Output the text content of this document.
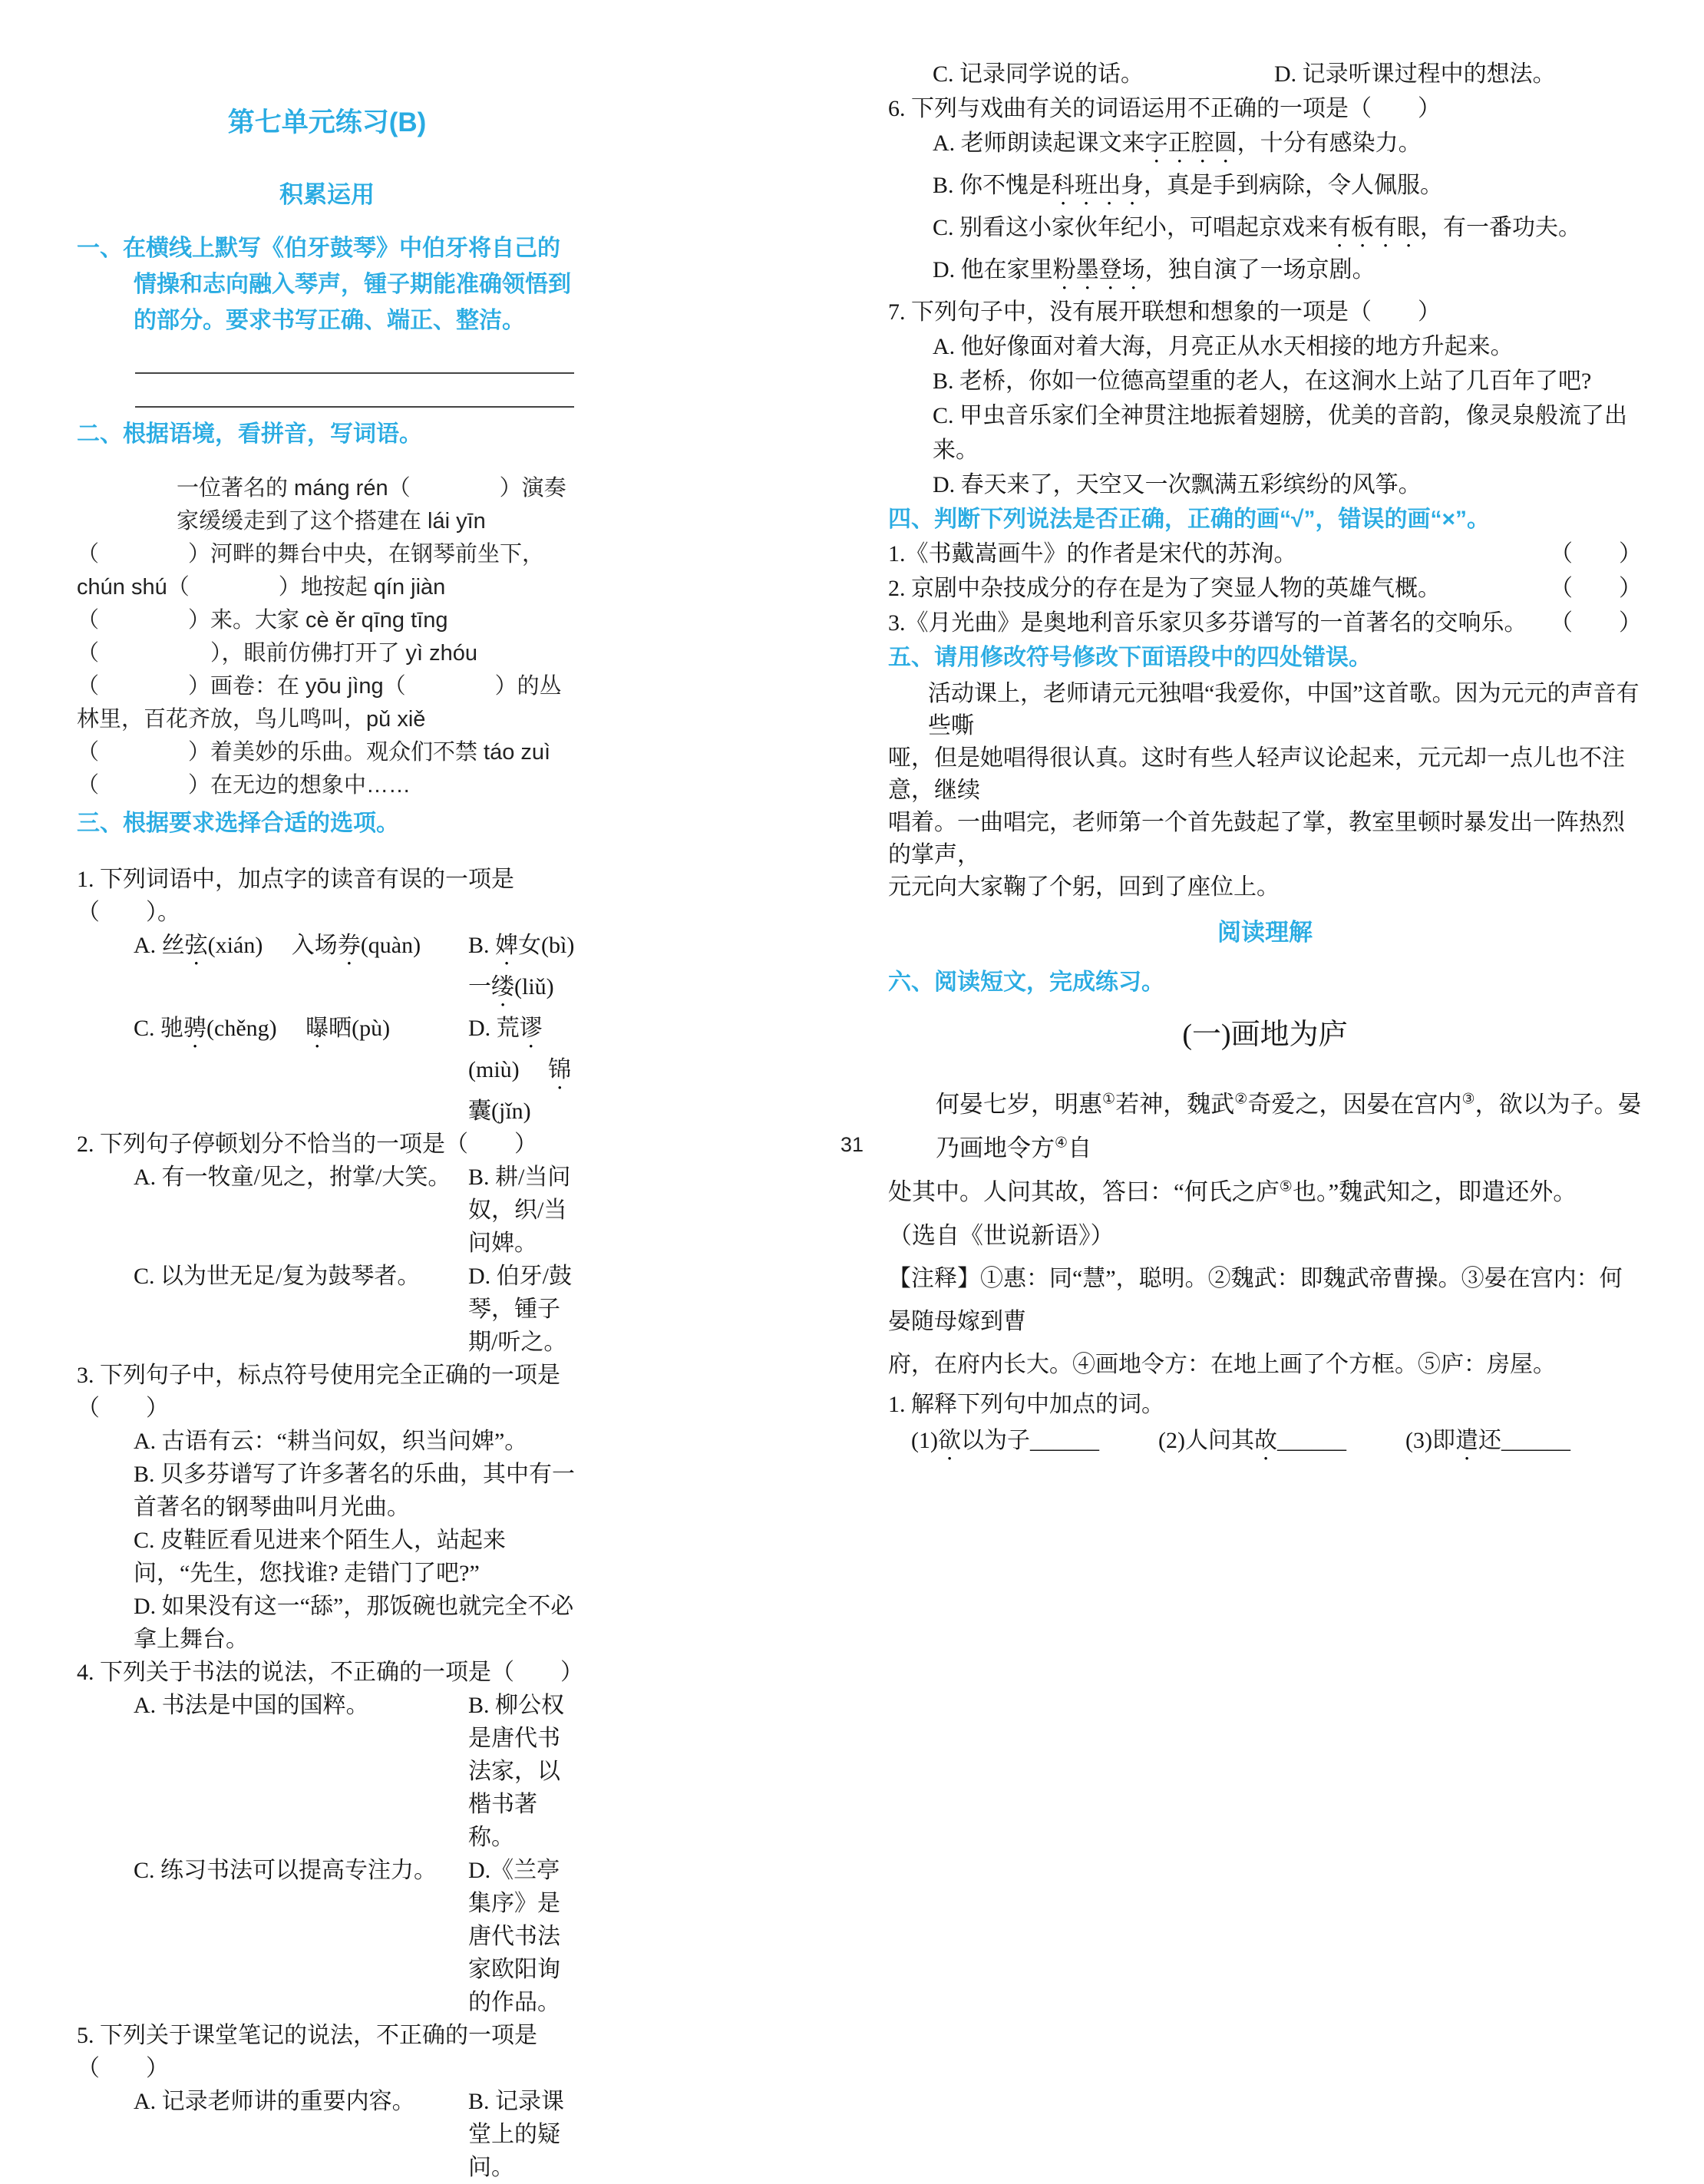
第七单元练习(B)
积累运用

一、在横线上默写《伯牙鼓琴》中伯牙将自己的情操和志向融入琴声，锺子期能准确领悟到的部分。要求书写正确、端正、整洁。

二、根据语境，看拼音，写词语。

一位著名的 máng rén（　　　　）演奏家缓缓走到了这个搭建在 lái yīn
（　　　　）河畔的舞台中央，在钢琴前坐下，chún shú（　　　　）地按起 qín jiàn
（　　　　）来。大家 cè ěr qīng tīng（　　　　　），眼前仿佛打开了 yì zhóu
（　　　　）画卷：在 yōu jìng（　　　　）的丛林里，百花齐放，鸟儿鸣叫，pǔ xiě
（　　　　）着美妙的乐曲。观众们不禁 táo zuì（　　　　）在无边的想象中……

三、根据要求选择合适的选项。

1. 下列词语中，加点字的读音有误的一项是（　　）。
A. 丝弦(xián)　 入场券(quàn)	B. 婢女(bì)　 一缕(liǔ)
C. 驰骋(chěng)　 曝晒(pù)	D. 荒谬(miù)　 锦囊(jǐn)
2. 下列句子停顿划分不恰当的一项是（　　）
A. 有一牧童/见之，拊掌/大笑。 B. 耕/当问奴，织/当问婢。
C. 以为世无足/复为鼓琴者。	D. 伯牙/鼓琴，锺子期/听之。
3. 下列句子中，标点符号使用完全正确的一项是（　　）
A. 古语有云：“耕当问奴，织当问婢”。
B. 贝多芬谱写了许多著名的乐曲，其中有一首著名的钢琴曲叫月光曲。
C. 皮鞋匠看见进来个陌生人，站起来问，“先生，您找谁? 走错门了吧?”
D. 如果没有这一“舔”，那饭碗也就完全不必拿上舞台。
4. 下列关于书法的说法，不正确的一项是（　　）
A. 书法是中国的国粹。	B. 柳公权是唐代书法家，以楷书著称。
C. 练习书法可以提高专注力。	D.《兰亭集序》是唐代书法家欧阳询的作品。
5. 下列关于课堂笔记的说法，不正确的一项是（　　）
A. 记录老师讲的重要内容。	B. 记录课堂上的疑问。
C. 记录同学说的话。	D. 记录听课过程中的想法。
6. 下列与戏曲有关的词语运用不正确的一项是（　　）
A. 老师朗读起课文来字正腔圆，十分有感染力。
B. 你不愧是科班出身，真是手到病除，令人佩服。
C. 别看这小家伙年纪小，可唱起京戏来有板有眼，有一番功夫。
D. 他在家里粉墨登场，独自演了一场京剧。
7. 下列句子中，没有展开联想和想象的一项是（　　）
A. 他好像面对着大海，月亮正从水天相接的地方升起来。
B. 老桥，你如一位德高望重的老人，在这涧水上站了几百年了吧?
C. 甲虫音乐家们全神贯注地振着翅膀，优美的音韵，像灵泉般流了出来。
D. 春天来了，天空又一次飘满五彩缤纷的风筝。

四、判断下列说法是否正确，正确的画“√”，错误的画“×”。

1.《书戴嵩画牛》的作者是宋代的苏洵。	（　　）
2. 京剧中杂技成分的存在是为了突显人物的英雄气概。	（　　）
3.《月光曲》是奥地利音乐家贝多芬谱写的一首著名的交响乐。 （　　）

五、请用修改符号修改下面语段中的四处错误。

活动课上，老师请元元独唱“我爱你，中国”这首歌。因为元元的声音有些嘶
哑，但是她唱得很认真。这时有些人轻声议论起来，元元却一点儿也不注意，继续
唱着。一曲唱完，老师第一个首先鼓起了掌，教室里顿时暴发出一阵热烈的掌声，
元元向大家鞠了个躬，回到了座位上。
阅读理解

六、阅读短文，完成练习。

(一)画地为庐
何晏七岁，明惠①若神，魏武②奇爱之，因晏在宫内③，欲以为子。晏乃画地令方④自
处其中。人问其故，答曰：“何氏之庐⑤也。”魏武知之，即遣还外。　 （选自《世说新语》）
【注释】①惠：同“慧”，聪明。②魏武：即魏武帝曹操。③晏在宫内：何晏随母嫁到曹
府，在府内长大。④画地令方：在地上画了个方框。⑤庐：房屋。
1. 解释下列句中加点的词。
(1)欲以为子______	(2)人问其故______	(3)即遣还______
31
